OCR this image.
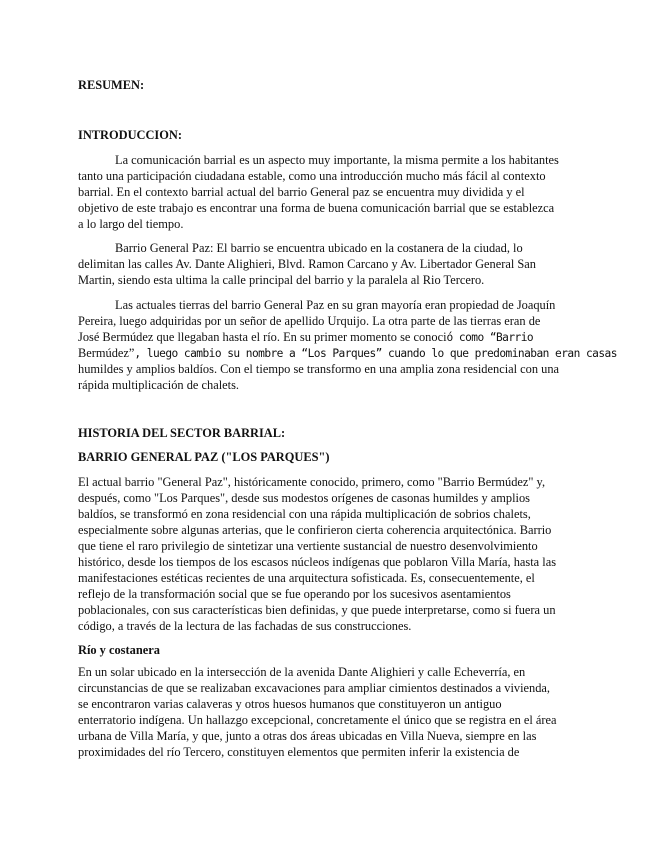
RESUMEN:
INTRODUCCION:
La comunicación barrial es un aspecto muy importante, la misma permite a los habitantes
tanto una participación ciudadana estable, como una introducción mucho más fácil al contexto
barrial. En el contexto barrial actual del barrio General paz se encuentra muy dividida y el
objetivo de este trabajo es encontrar una forma de buena comunicación barrial que se establezca
a lo largo del tiempo.
Barrio General Paz: El barrio se encuentra ubicado en la costanera de la ciudad, lo
delimitan las calles Av. Dante Alighieri, Blvd. Ramon Carcano y Av. Libertador General San
Martin, siendo esta ultima la calle principal del barrio y la paralela al Rio Tercero.
Las actuales tierras del barrio General Paz en su gran mayoría eran propiedad de Joaquín
Pereira, luego adquiridas por un señor de apellido Urquijo. La otra parte de las tierras eran de
José Bermúdez que llegaban hasta el río. En su primer momento se conoció como “Barrio
Bermúdez”, luego cambio su nombre a “Los Parques” cuando lo que predominaban eran casas
humildes y amplios baldíos. Con el tiempo se transformo en una amplia zona residencial con una
rápida multiplicación de chalets.
HISTORIA DEL SECTOR BARRIAL:
BARRIO GENERAL PAZ ("LOS PARQUES")
El actual barrio "General Paz", históricamente conocido, primero, como "Barrio Bermúdez" y,
después, como "Los Parques", desde sus modestos orígenes de casonas humildes y amplios
baldíos, se transformó en zona residencial con una rápida multiplicación de sobrios chalets,
especialmente sobre algunas arterias, que le confirieron cierta coherencia arquitectónica. Barrio
que tiene el raro privilegio de sintetizar una vertiente sustancial de nuestro desenvolvimiento
histórico, desde los tiempos de los escasos núcleos indígenas que poblaron Villa María, hasta las
manifestaciones estéticas recientes de una arquitectura sofisticada. Es, consecuentemente, el
reflejo de la transformación social que se fue operando por los sucesivos asentamientos
poblacionales, con sus características bien definidas, y que puede interpretarse, como si fuera un
código, a través de la lectura de las fachadas de sus construcciones.
Río y costanera
En un solar ubicado en la intersección de la avenida Dante Alighieri y calle Echeverría, en
circunstancias de que se realizaban excavaciones para ampliar cimientos destinados a vivienda,
se encontraron varias calaveras y otros huesos humanos que constituyeron un antiguo
enterratorio indígena. Un hallazgo excepcional, concretamente el único que se registra en el área
urbana de Villa María, y que, junto a otras dos áreas ubicadas en Villa Nueva, siempre en las
proximidades del río Tercero, constituyen elementos que permiten inferir la existencia de
